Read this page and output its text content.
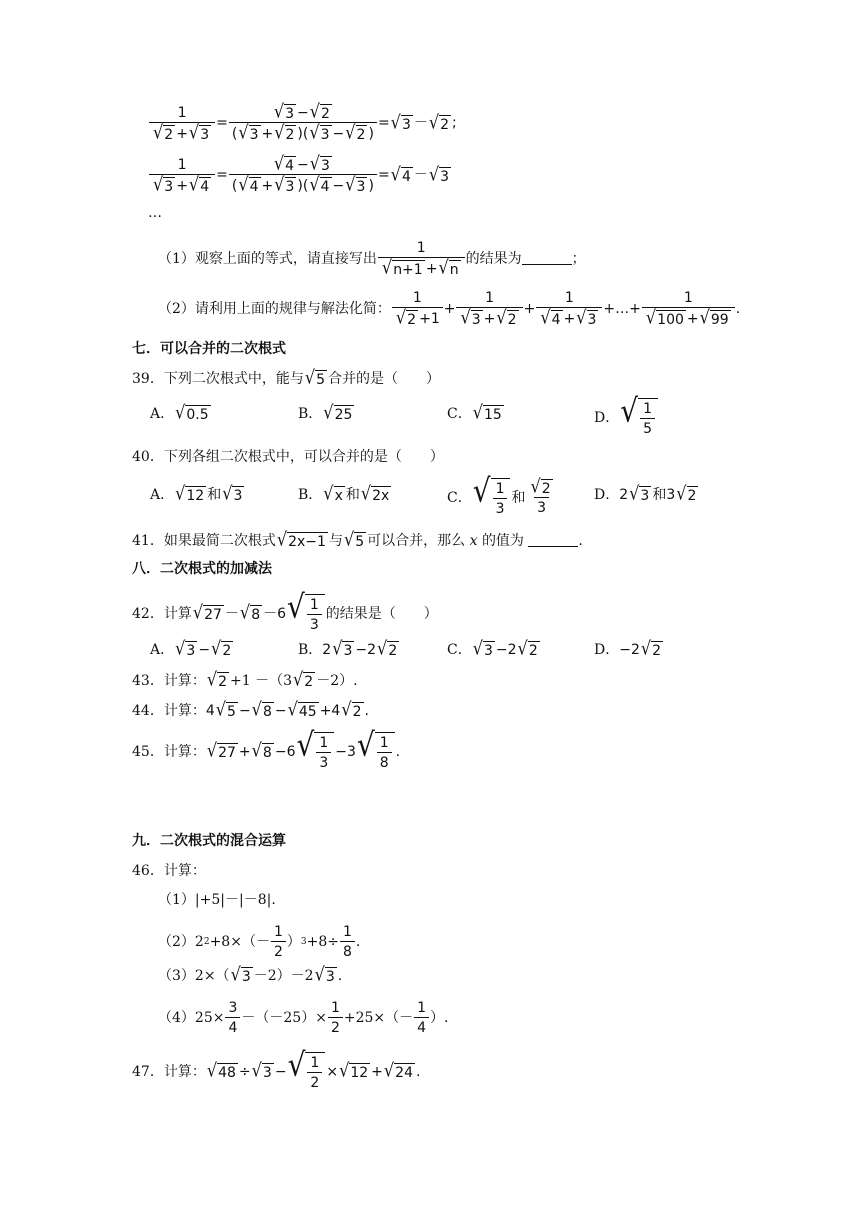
$\frac{1}{√ 2 + √ 3} = \frac{√ 3 - √ 2}{( √ 3 + √ 2 )( √ 3 - √ 2 )}$ = √ 3 － √ 2 ;
$\frac{1}{√ 3 + √ 4} = \frac{√ 4 - √ 3}{( √ 4 + √ 3 )( √ 4 - √ 3 )}$ = √ 4 － √ 3
…
（1）观察上面的等式，请直接写出 $\frac{1}{√ n+1 + √ n}$ 的结果为	；
（2）请利用上面的规律与解法化简： $\frac{1}{√ 2 +1} + \frac{1}{√ 3 + √ 2} + \frac{1}{√ 4 + √ 3}$ +…+ $\frac{1}{√ 100 + √ 99}$ .
七．可以合并的二次根式
39． 下列二次根式中，能与 √ 5 合并的是（　　）
A． √ 0.5	B． √ 25	C． √ 15	D． √ $\frac{1}{5}$
40． 下列各组二次根式中，可以合并的是（　　）
A． √ 12 和 √ 3	B． √ x 和 √ 2x	C． √ $\frac{1}{3}$ 和 $\frac{√ 2}{3}$	D． 2 √ 3 和 3 √ 2
41． 如果最简二次根式 √ 2x−1 与 √ 5 可以合并，那么
x
的值为
	.
八．二次根式的加减法
42． 计算 √ 27 － √ 8 －6 √ $\frac{1}{3}$ 的结果是（　　）
A． √ 3 − √ 2	B． 2 √ 3 −2 √ 2	C． √ 3 −2 √ 2	D． −2 √ 2
43． 计算： √ 2 +1 －（3 √ 2 －2）.
44． 计算： 4 √ 5 − √ 8 − √ 45 +4 √ 2 .
45． 计算： √ 27 + √ 8 −6 √ $\frac{1}{3} -3$ √ $\frac{1}{8}$ .
九．二次根式的混合运算
46． 计算：
（1）|+5|－|－8|.
（2） 2 $2 +8\times(- \frac{1}{2}$ ） $3 +8\div \frac{1}{8}$ .
（3） 2×（ √ 3 －2）－2 √ 3 .
（4） $25\times \frac{3}{4} -(-25)\times \frac{1}{2} +25\times(- \frac{1}{4}$ ）.
47． 计算： √ 48 ÷ √ 3 − √ $\frac{1}{2}$ × √ 12 + √ 24 .
